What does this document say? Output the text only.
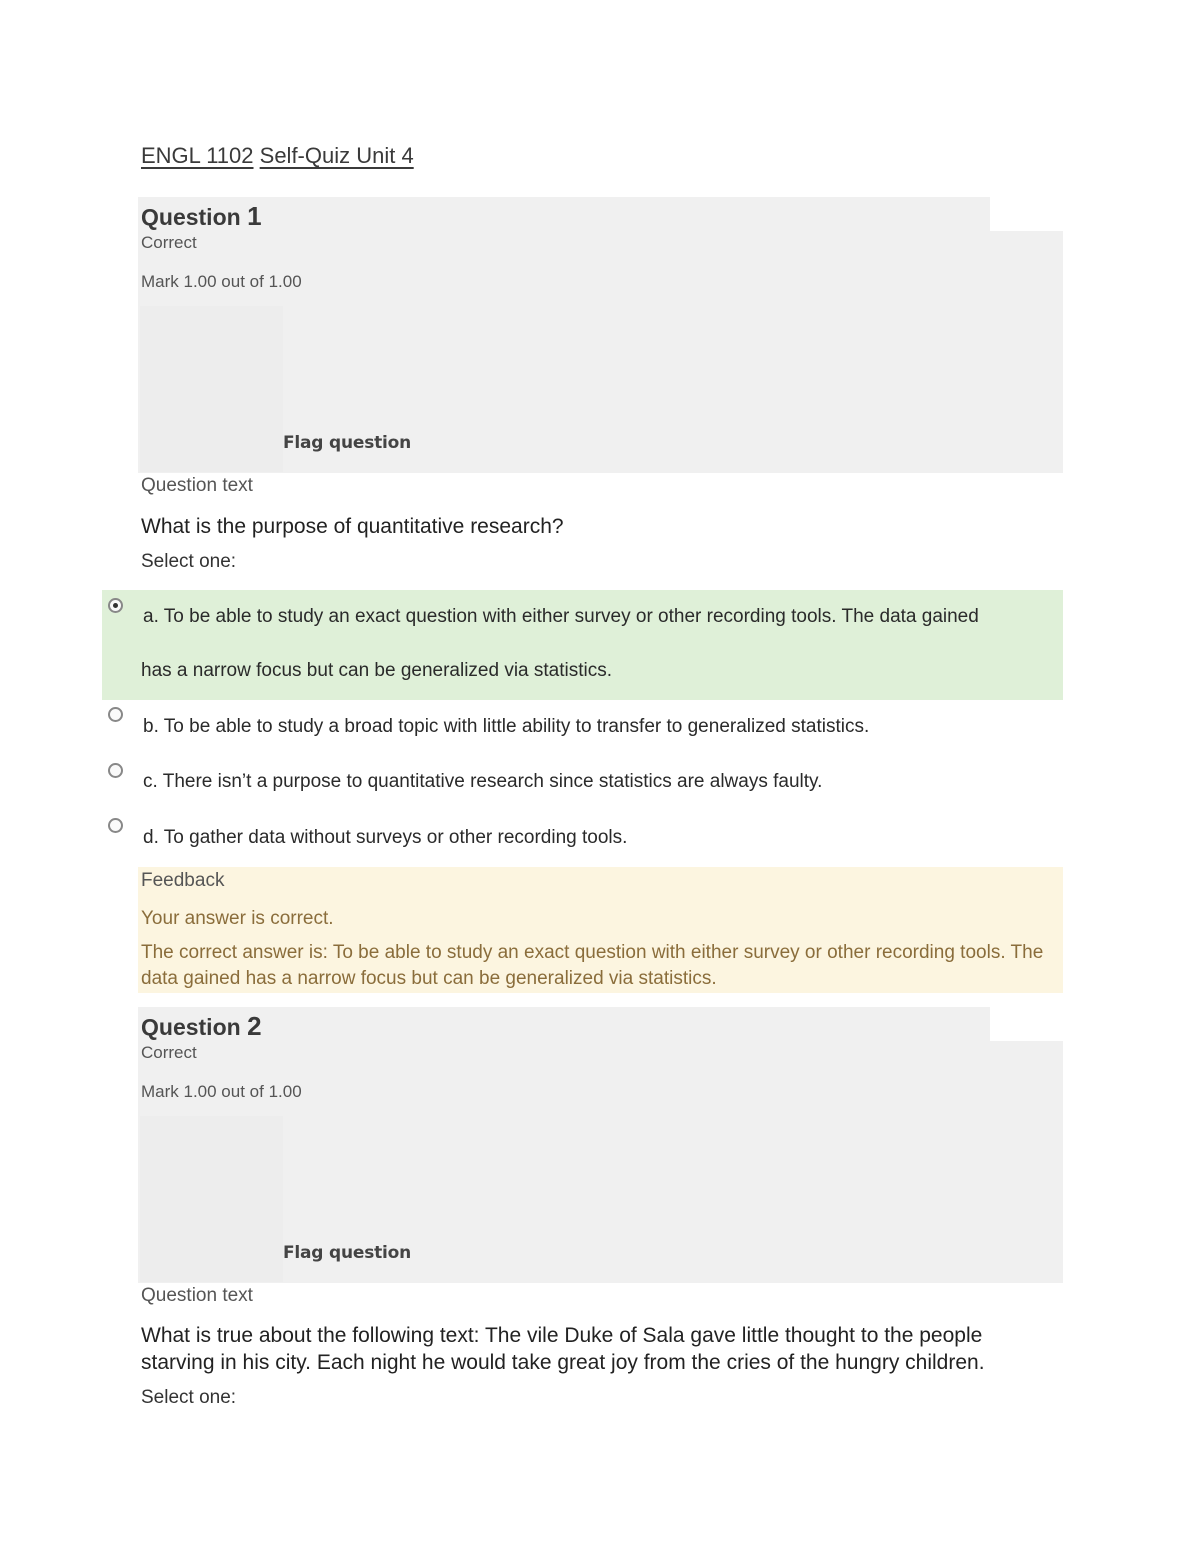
ENGL 1102 Self-Quiz Unit 4
Question 1
Correct
Mark 1.00 out of 1.00
Flag question
Question text
What is the purpose of quantitative research?
Select one:
a. To be able to study an exact question with either survey or other recording tools. The data gained
has a narrow focus but can be generalized via statistics.
b. To be able to study a broad topic with little ability to transfer to generalized statistics.
c. There isn’t a purpose to quantitative research since statistics are always faulty.
d. To gather data without surveys or other recording tools.
Feedback
Your answer is correct.
The correct answer is: To be able to study an exact question with either survey or other recording tools. The data gained has a narrow focus but can be generalized via statistics.
Question 2
Correct
Mark 1.00 out of 1.00
Flag question
Question text
What is true about the following text: The vile Duke of Sala gave little thought to the people starving in his city. Each night he would take great joy from the cries of the hungry children.
Select one:
